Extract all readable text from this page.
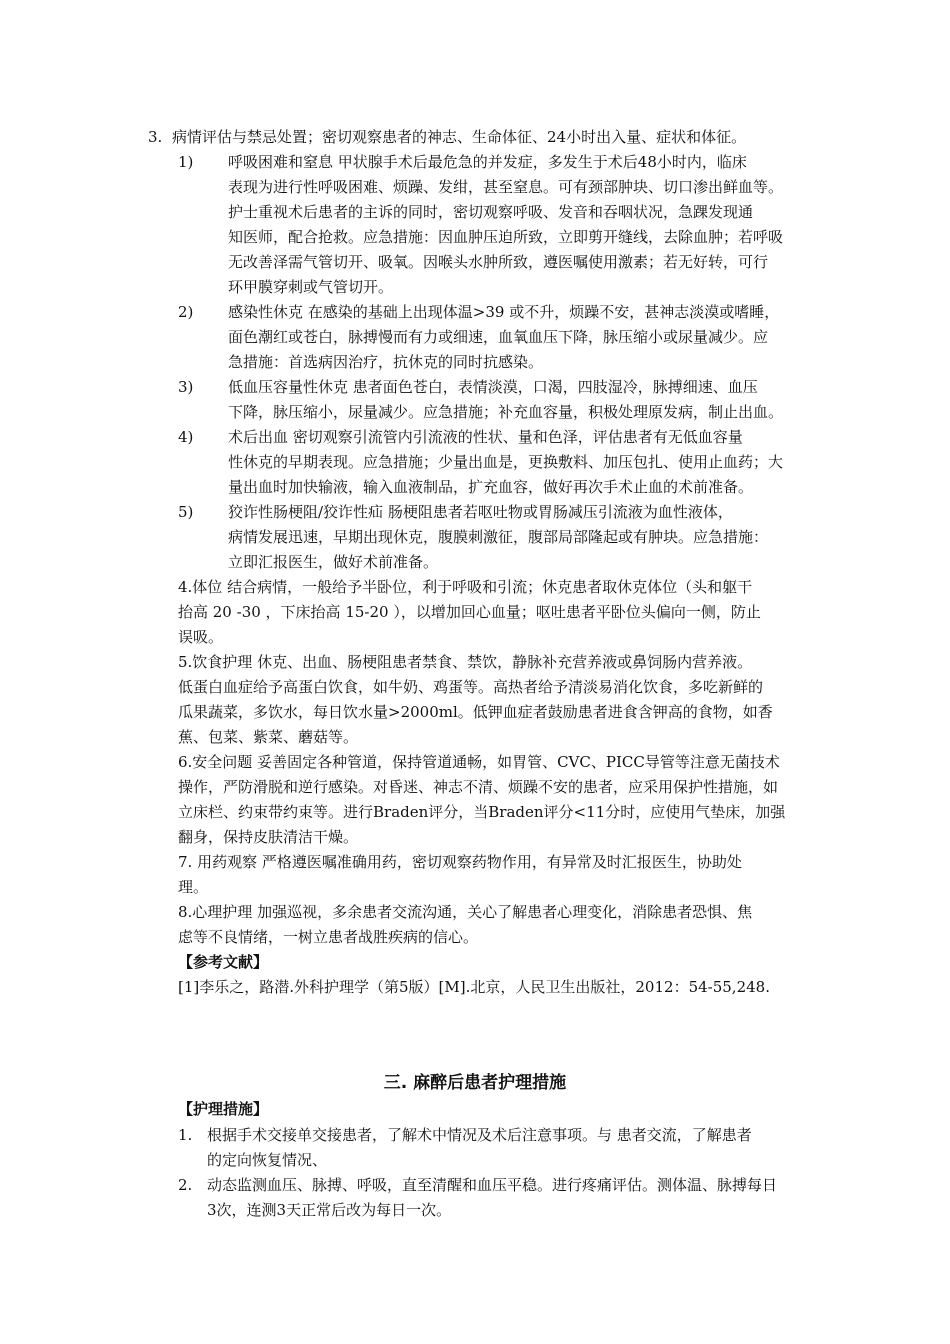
3. 病情评估与禁忌处置；密切观察患者的神志、生命体征、24小时出入量、症状和体征。
1) 呼吸困难和窒息 甲状腺手术后最危急的并发症，多发生于术后48小时内，临床
表现为进行性呼吸困难、烦躁、发绀，甚至窒息。可有颈部肿块、切口渗出鲜血等。
护士重视术后患者的主诉的同时，密切观察呼吸、发音和吞咽状况，急踝发现通
知医师，配合抢救。应急措施：因血肿压迫所致，立即剪开缝线，去除血肿；若呼吸
无改善泽需气管切开、吸氧。因喉头水肿所致，遵医嘱使用激素；若无好转，可行
环甲膜穿刺或气管切开。
2) 感染性休克 在感染的基础上出现体温>39 或不升，烦躁不安，甚神志淡漠或嗜睡，
面色潮红或苍白，脉搏慢而有力或细速，血氧血压下降，脉压缩小或尿量减少。应
急措施：首选病因治疗，抗休克的同时抗感染。
3) 低血压容量性休克 患者面色苍白，表情淡漠，口渴，四肢湿冷，脉搏细速、血压
下降，脉压缩小，尿量减少。应急措施；补充血容量，积极处理原发病，制止出血。
4) 术后出血 密切观察引流管内引流液的性状、量和色泽，评估患者有无低血容量
性休克的早期表现。应急措施；少量出血是，更换敷料、加压包扎、使用止血药；大
量出血时加快输液，输入血液制品，扩充血容，做好再次手术止血的术前准备。
5) 狡诈性肠梗阻/狡诈性疝 肠梗阻患者若呕吐物或胃肠减压引流液为血性液体，
病情发展迅速，早期出现休克，腹膜刺激征，腹部局部隆起或有肿块。应急措施：
立即汇报医生，做好术前准备。
4.体位 结合病情，一般给予半卧位，利于呼吸和引流；休克患者取休克体位（头和躯干
抬高 20 -30 ，下床抬高 15-20 ），以增加回心血量；呕吐患者平卧位头偏向一侧，防止
误吸。
5.饮食护理 休克、出血、肠梗阻患者禁食、禁饮，静脉补充营养液或鼻饲肠内营养液。
低蛋白血症给予高蛋白饮食，如牛奶、鸡蛋等。高热者给予清淡易消化饮食，多吃新鲜的
瓜果蔬菜，多饮水，每日饮水量>2000ml。低钾血症者鼓励患者进食含钾高的食物，如香
蕉、包菜、紫菜、蘑菇等。
6.安全问题 妥善固定各种管道，保持管道通畅，如胃管、CVC、PICC导管等注意无菌技术
操作，严防滑脱和逆行感染。对昏迷、神志不清、烦躁不安的患者，应采用保护性措施，如
立床栏、约束带约束等。进行Braden评分，当Braden评分<11分时，应使用气垫床，加强
翻身，保持皮肤清洁干燥。
7. 用药观察 严格遵医嘱准确用药，密切观察药物作用，有异常及时汇报医生，协助处
理。
8.心理护理 加强巡视，多余患者交流沟通，关心了解患者心理变化，消除患者恐惧、焦
虑等不良情绪，一树立患者战胜疾病的信心。
【参考文献】
[1]李乐之，路潜.外科护理学（第5版）[M].北京，人民卫生出版社，2012：54-55,248.
三. 麻醉后患者护理措施
【护理措施】
1. 根据手术交接单交接患者，了解术中情况及术后注意事项。与 患者交流，了解患者
的定向恢复情况、
2. 动态监测血压、脉搏、呼吸，直至清醒和血压平稳。进行疼痛评估。测体温、脉搏每日
3次，连测3天正常后改为每日一次。
